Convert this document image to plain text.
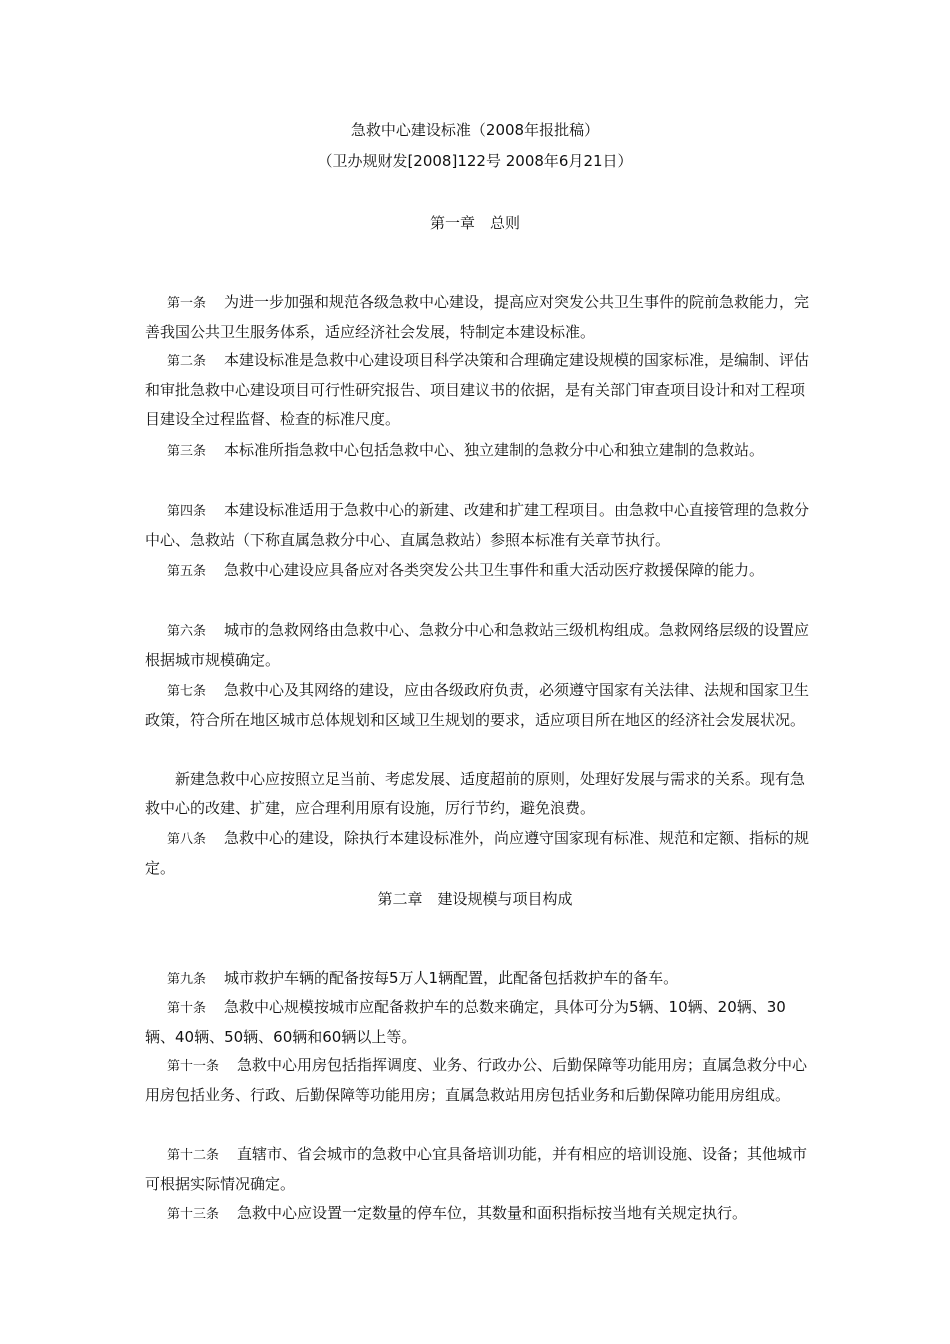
急救中心建设标准（2008年报批稿）
（卫办规财发[2008]122号 2008年6月21日）
第一章　总则
第一条 为进一步加强和规范各级急救中心建设，提高应对突发公共卫生事件的院前急救能力，完善我国公共卫生服务体系，适应经济社会发展，特制定本建设标准。
第二条 本建设标准是急救中心建设项目科学决策和合理确定建设规模的国家标准，是编制、评估和审批急救中心建设项目可行性研究报告、项目建议书的依据，是有关部门审查项目设计和对工程项目建设全过程监督、检查的标准尺度。
第三条 本标准所指急救中心包括急救中心、独立建制的急救分中心和独立建制的急救站。
第四条 本建设标准适用于急救中心的新建、改建和扩建工程项目。由急救中心直接管理的急救分中心、急救站（下称直属急救分中心、直属急救站）参照本标准有关章节执行。
第五条 急救中心建设应具备应对各类突发公共卫生事件和重大活动医疗救援保障的能力。
第六条 城市的急救网络由急救中心、急救分中心和急救站三级机构组成。急救网络层级的设置应根据城市规模确定。
第七条 急救中心及其网络的建设，应由各级政府负责，必须遵守国家有关法律、法规和国家卫生政策，符合所在地区城市总体规划和区域卫生规划的要求，适应项目所在地区的经济社会发展状况。
新建急救中心应按照立足当前、考虑发展、适度超前的原则，处理好发展与需求的关系。现有急救中心的改建、扩建，应合理利用原有设施，厉行节约，避免浪费。
第八条 急救中心的建设，除执行本建设标准外，尚应遵守国家现有标准、规范和定额、指标的规定。
第二章　建设规模与项目构成
第九条 城市救护车辆的配备按每5万人1辆配置，此配备包括救护车的备车。
第十条 急救中心规模按城市应配备救护车的总数来确定，具体可分为5辆、10辆、20辆、30辆、40辆、50辆、60辆和60辆以上等。
第十一条 急救中心用房包括指挥调度、业务、行政办公、后勤保障等功能用房；直属急救分中心用房包括业务、行政、后勤保障等功能用房；直属急救站用房包括业务和后勤保障功能用房组成。
第十二条 直辖市、省会城市的急救中心宜具备培训功能，并有相应的培训设施、设备；其他城市可根据实际情况确定。
第十三条 急救中心应设置一定数量的停车位，其数量和面积指标按当地有关规定执行。
